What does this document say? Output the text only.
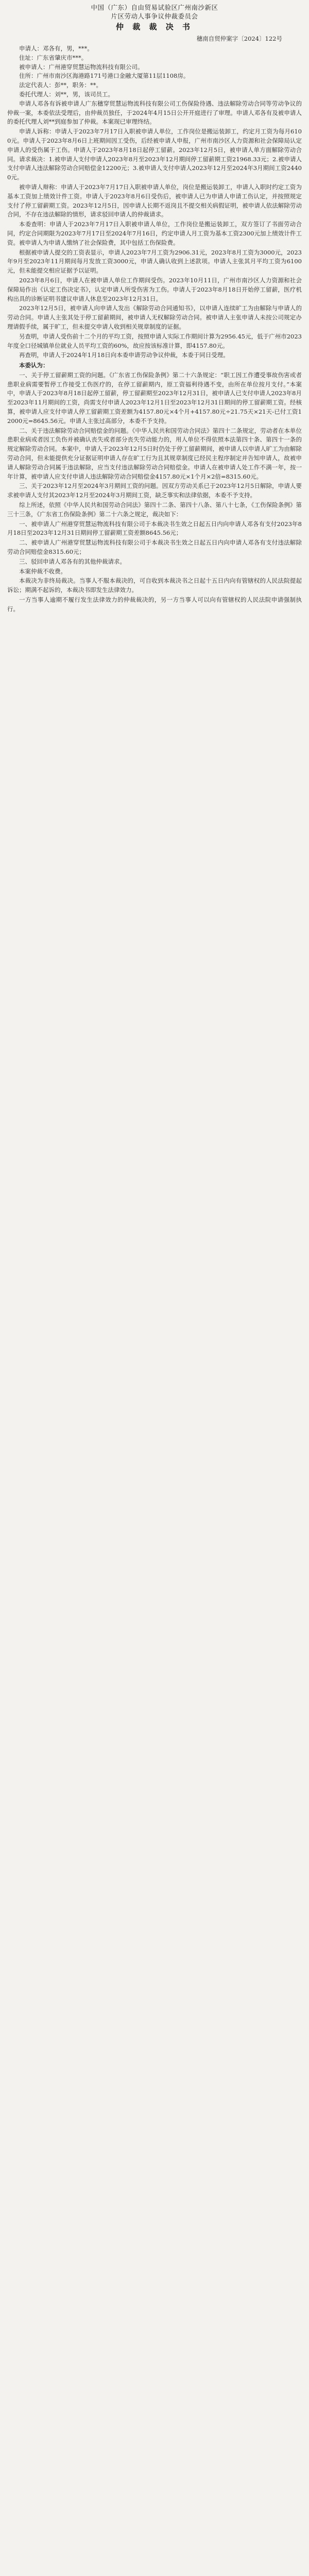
中国（广东）自由贸易试验区广州南沙新区
片区劳动人事争议仲裁委员会
仲 裁 裁 决 书
穗南自贸仲案字〔2024〕122号

申请人：邓各有，男，***。

住址：广东省肇庆市***。

被申请人：广州港穿贸慧运物流科技有限公司。

住所：广州市南沙区海港路171号港口金融大厦第11层1108房。

法定代表人：彭**，职务：**。

委托代理人：刘**，男，该司员工。

申请人邓各有诉被申请人广东穗穿贸慧运物流科技有限公司工伤保险待遇、违法解除劳动合同等劳动争议的仲裁一案，本委依法受理后，由仲裁员独任，于2024年4月15日公开开庭进行了审理。申请人邓各有及被申请人的委托代理人刘**到庭参加了仲裁。本案现已审理终结。

申请人诉称：申请人于2023年7月17日入职被申请人单位，工作岗位是搬运装卸工，约定月工资为每月6100元。申请人于2023年8月6日上班期间因工受伤，后经被申请人申报，广州市南沙区人力资源和社会保障局认定申请人的受伤属于工伤。申请人于2023年8月18日起停工留薪。2023年12月5日，被申请人单方面解除劳动合同。请求裁决：1.被申请人支付申请人2023年8月至2023年12月期间停工留薪期工资21968.33元；2.被申请人支付申请人违法解除劳动合同赔偿金12200元；3.被申请人支付申请人2023年12月至2024年3月期间工资24400元。

被申请人辩称：申请人于2023年7月17日入职被申请人单位，岗位是搬运装卸工，申请人入职时约定工资为基本工资加上绩效计件工资。申请人于2023年8月6日受伤后，被申请人已为申请人申请工伤认定，并按照规定支付了停工留薪期工资。2023年12月5日，因申请人长期不返岗且不提交相关病假证明，被申请人依法解除劳动合同，不存在违法解除的情形，请求驳回申请人的仲裁请求。

本委查明：申请人于2023年7月17日入职被申请人单位，工作岗位是搬运装卸工，双方签订了书面劳动合同，约定合同期限为2023年7月17日至2024年7月16日，约定申请人月工资为基本工资2300元加上绩效计件工资。被申请人为申请人缴纳了社会保险费，其中包括工伤保险费。

根据被申请人提交的工资表显示，申请人2023年7月工资为2906.31元，2023年8月工资为3000元，2023年9月至2023年11月期间每月发放工资3000元，申请人确认收到上述款项。申请人主张其月平均工资为6100元，但未能提交相应证据予以证明。

2023年8月6日，申请人在被申请人单位工作期间受伤。2023年10月11日，广州市南沙区人力资源和社会保障局作出《认定工伤决定书》，认定申请人所受伤害为工伤。申请人于2023年8月18日开始停工留薪，医疗机构出具的诊断证明书建议申请人休息至2023年12月31日。

2023年12月5日，被申请人向申请人发出《解除劳动合同通知书》，以申请人连续旷工为由解除与申请人的劳动合同。申请人主张其处于停工留薪期间，被申请人无权解除劳动合同。被申请人主张申请人未按公司规定办理请假手续，属于旷工，但未提交申请人收到相关规章制度的证据。

另查明，申请人受伤前十二个月的平均工资，按照申请人实际工作期间计算为2956.45元，低于广州市2023年度全口径城镇单位就业人员平均工资的60%，故应按该标准计算，即4157.80元。

再查明，申请人于2024年1月18日向本委申请劳动争议仲裁，本委于同日受理。

本委认为：

一、关于停工留薪期工资的问题。《广东省工伤保险条例》第二十六条规定：“职工因工作遭受事故伤害或者患职业病需要暂停工作接受工伤医疗的，在停工留薪期内，原工资福利待遇不变，由所在单位按月支付。”本案中，申请人于2023年8月18日起停工留薪，停工留薪期至2023年12月31日，被申请人已支付申请人2023年8月至2023年11月期间的工资，尚需支付申请人2023年12月1日至2023年12月31日期间的停工留薪期工资。经核算，被申请人应支付申请人停工留薪期工资差额为4157.80元×4个月+4157.80元÷21.75天×21天-已付工资12000元=8645.56元。申请人主张过高部分，本委不予支持。

二、关于违法解除劳动合同赔偿金的问题。《中华人民共和国劳动合同法》第四十二条规定，劳动者在本单位患职业病或者因工负伤并被确认丧失或者部分丧失劳动能力的，用人单位不得依照本法第四十条、第四十一条的规定解除劳动合同。本案中，申请人于2023年12月5日时仍处于停工留薪期间，被申请人以申请人旷工为由解除劳动合同，但未能提供充分证据证明申请人存在旷工行为且其规章制度已经民主程序制定并告知申请人，故被申请人解除劳动合同属于违法解除，应当支付违法解除劳动合同赔偿金。申请人在被申请人处工作不满一年，按一年计算，被申请人应支付申请人违法解除劳动合同赔偿金4157.80元×1个月×2倍=8315.60元。

三、关于2023年12月至2024年3月期间工资的问题。因双方劳动关系已于2023年12月5日解除，申请人要求被申请人支付其2023年12月至2024年3月期间工资，缺乏事实和法律依据，本委不予支持。

综上所述，依照《中华人民共和国劳动合同法》第四十二条、第四十八条、第八十七条，《工伤保险条例》第三十三条，《广东省工伤保险条例》第二十六条之规定，裁决如下：

一、被申请人广州港穿贸慧运物流科技有限公司于本裁决书生效之日起五日内向申请人邓各有支付2023年8月18日至2023年12月31日期间停工留薪期工资差额8645.56元；

二、被申请人广州港穿贸慧运物流科技有限公司于本裁决书生效之日起五日内向申请人邓各有支付违法解除劳动合同赔偿金8315.60元；

三、驳回申请人邓各有的其他仲裁请求。

本案仲裁不收费。

本裁决为非终局裁决。当事人不服本裁决的，可自收到本裁决书之日起十五日内向有管辖权的人民法院提起诉讼；期满不起诉的，本裁决书即发生法律效力。

一方当事人逾期不履行发生法律效力的仲裁裁决的，另一方当事人可以向有管辖权的人民法院申请强制执行。
